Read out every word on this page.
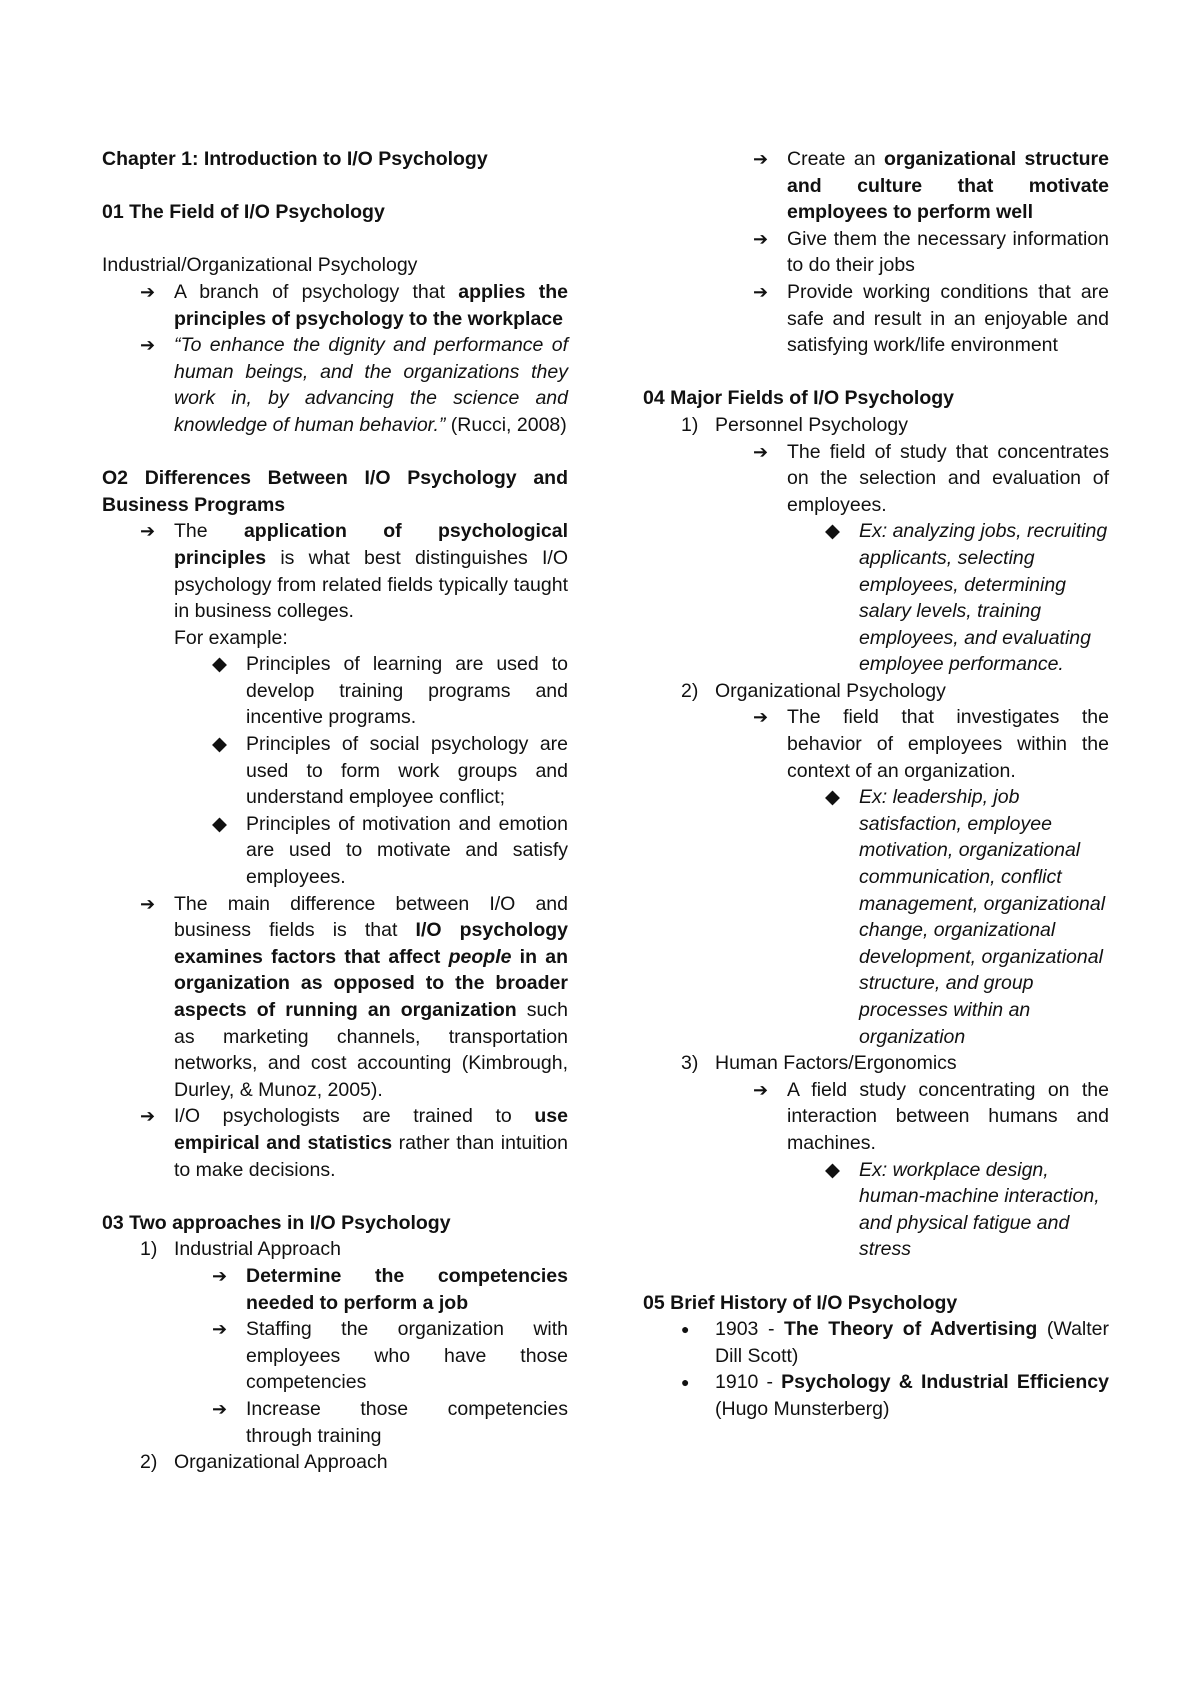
Chapter 1: Introduction to I/O Psychology
01 The Field of I/O Psychology
Industrial/Organizational Psychology
➔ A branch of psychology that applies the principles of psychology to the workplace
➔ “To enhance the dignity and performance of human beings, and the organizations they work in, by advancing the science and knowledge of human behavior.” (Rucci, 2008)
O2 Differences Between I/O Psychology and Business Programs
➔ The application of psychological principles is what best distinguishes I/O psychology from related fields typically taught in business colleges.
For example:
◆ Principles of learning are used to develop training programs and incentive programs.
◆ Principles of social psychology are used to form work groups and understand employee conflict;
◆ Principles of motivation and emotion are used to motivate and satisfy employees.
➔ The main difference between I/O and business fields is that I/O psychology examines factors that affect people in an organization as opposed to the broader aspects of running an organization such as marketing channels, transportation networks, and cost accounting (Kimbrough, Durley, & Munoz, 2005).
➔ I/O psychologists are trained to use empirical and statistics rather than intuition to make decisions.
03 Two approaches in I/O Psychology
1) Industrial Approach
➔ Determine the competencies needed to perform a job
➔ Staffing the organization with employees who have those competencies
➔ Increase those competencies through training
2) Organizational Approach
➔ Create an organizational structure and culture that motivate employees to perform well
➔ Give them the necessary information to do their jobs
➔ Provide working conditions that are safe and result in an enjoyable and satisfying work/life environment
04 Major Fields of I/O Psychology
1) Personnel Psychology
➔ The field of study that concentrates on the selection and evaluation of employees.
◆ Ex: analyzing jobs, recruiting applicants, selecting employees, determining salary levels, training employees, and evaluating employee performance.
2) Organizational Psychology
➔ The field that investigates the behavior of employees within the context of an organization.
◆ Ex: leadership, job satisfaction, employee motivation, organizational communication, conflict management, organizational change, organizational development, organizational structure, and group processes within an organization
3) Human Factors/Ergonomics
➔ A field study concentrating on the interaction between humans and machines.
◆ Ex: workplace design, human-machine interaction, and physical fatigue and stress
05 Brief History of I/O Psychology
●	1903 - The Theory of Advertising (Walter Dill Scott)
●	1910 - Psychology & Industrial Efficiency (Hugo Munsterberg)
